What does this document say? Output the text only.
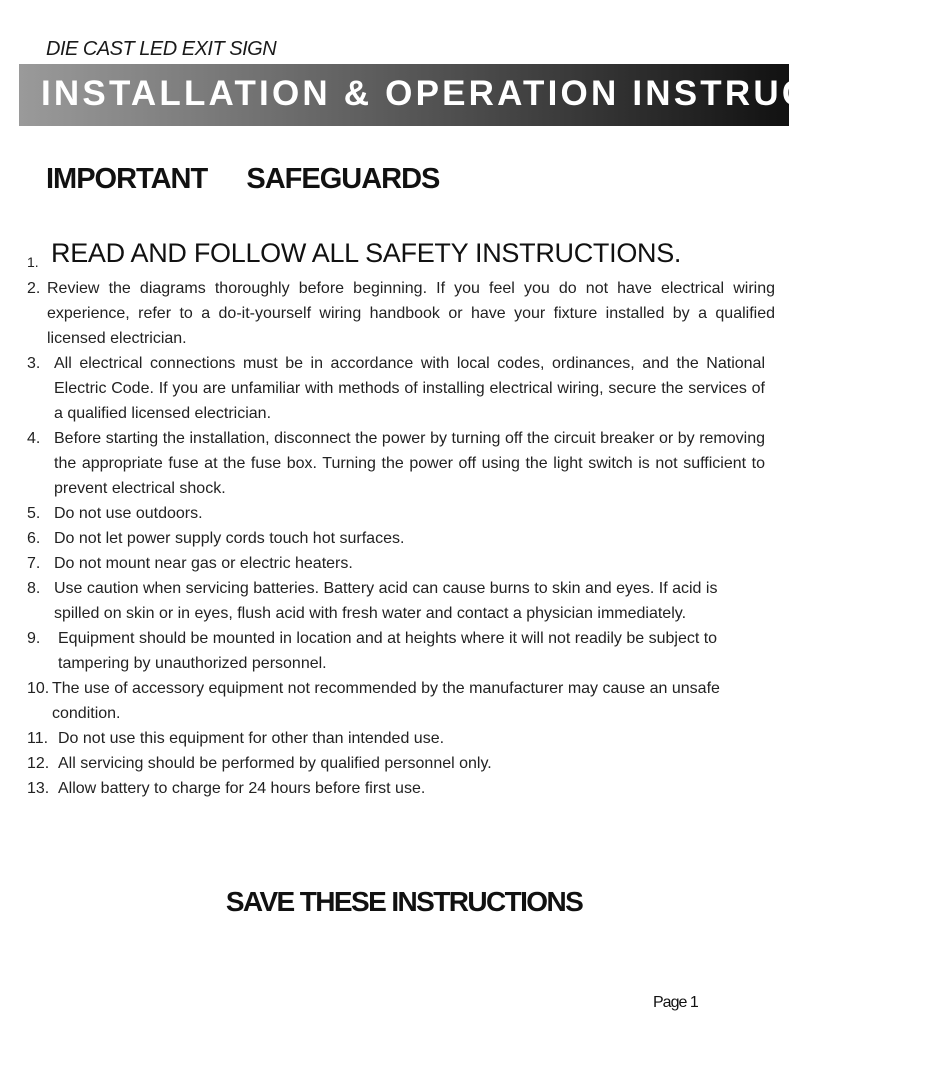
DIE CAST LED EXIT SIGN
INSTALLATION & OPERATION INSTRUCTIONS
IMPORTANT   SAFEGUARDS
1. READ AND FOLLOW ALL SAFETY INSTRUCTIONS.
2. Review the diagrams thoroughly before beginning. If you feel you do not have electrical wiring experience, refer to a do-it-yourself wiring handbook or have your fixture installed by a qualified licensed electrician.
3. All electrical connections must be in accordance with local codes, ordinances, and the National Electric Code. If you are unfamiliar with methods of installing electrical wiring, secure the services of a qualified licensed electrician.
4. Before starting the installation, disconnect the power by turning off the circuit breaker or by removing the appropriate fuse at the fuse box. Turning the power off using the light switch is not sufficient to prevent electrical shock.
5. Do not use outdoors.
6. Do not let power supply cords touch hot surfaces.
7. Do not mount near gas or electric heaters.
8. Use caution when servicing batteries. Battery acid can cause burns to skin and eyes. If acid is spilled on skin or in eyes, flush acid with fresh water and contact a physician immediately.
9. Equipment should be mounted in location and at heights where it will not readily be subject to tampering by unauthorized personnel.
10. The use of accessory equipment not recommended by the manufacturer may cause an unsafe condition.
11. Do not use this equipment for other than intended use.
12. All servicing should be performed by qualified personnel only.
13. Allow battery to charge for 24 hours before first use.
SAVE THESE INSTRUCTIONS
Page 1
